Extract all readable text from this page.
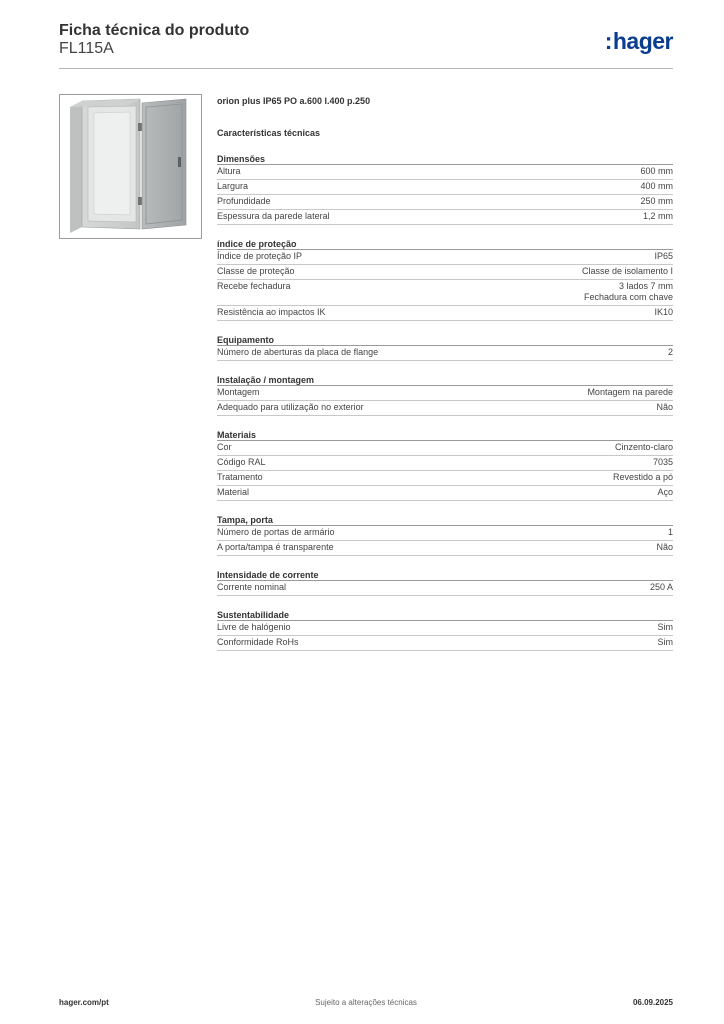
Ficha técnica do produto
FL115A	:hager
orion plus IP65 PO a.600 l.400 p.250
Características técnicas
Dimensões
Altura	600 mm
Largura	400 mm
Profundidade	250 mm
Espessura da parede lateral	1,2 mm
índice de proteção
Índice de proteção IP	IP65
Classe de proteção	Classe de isolamento I
Recebe fechadura	3 lados 7 mm
Fechadura com chave
Resistência ao impactos IK	IK10
Equipamento
Número de aberturas da placa de flange	2
Instalação / montagem
Montagem	Montagem na parede
Adequado para utilização no exterior	Não
Materiais
Cor	Cinzento-claro
Código RAL	7035
Tratamento	Revestido a pó
Material	Aço
Tampa, porta
Número de portas de armário	1
A porta/tampa é transparente	Não
Intensidade de corrente
Corrente nominal	250 A
Sustentabilidade
Livre de halógenio	Sim
Conformidade RoHs	Sim
hager.com/pt	Sujeito a alterações técnicas	06.09.2025
